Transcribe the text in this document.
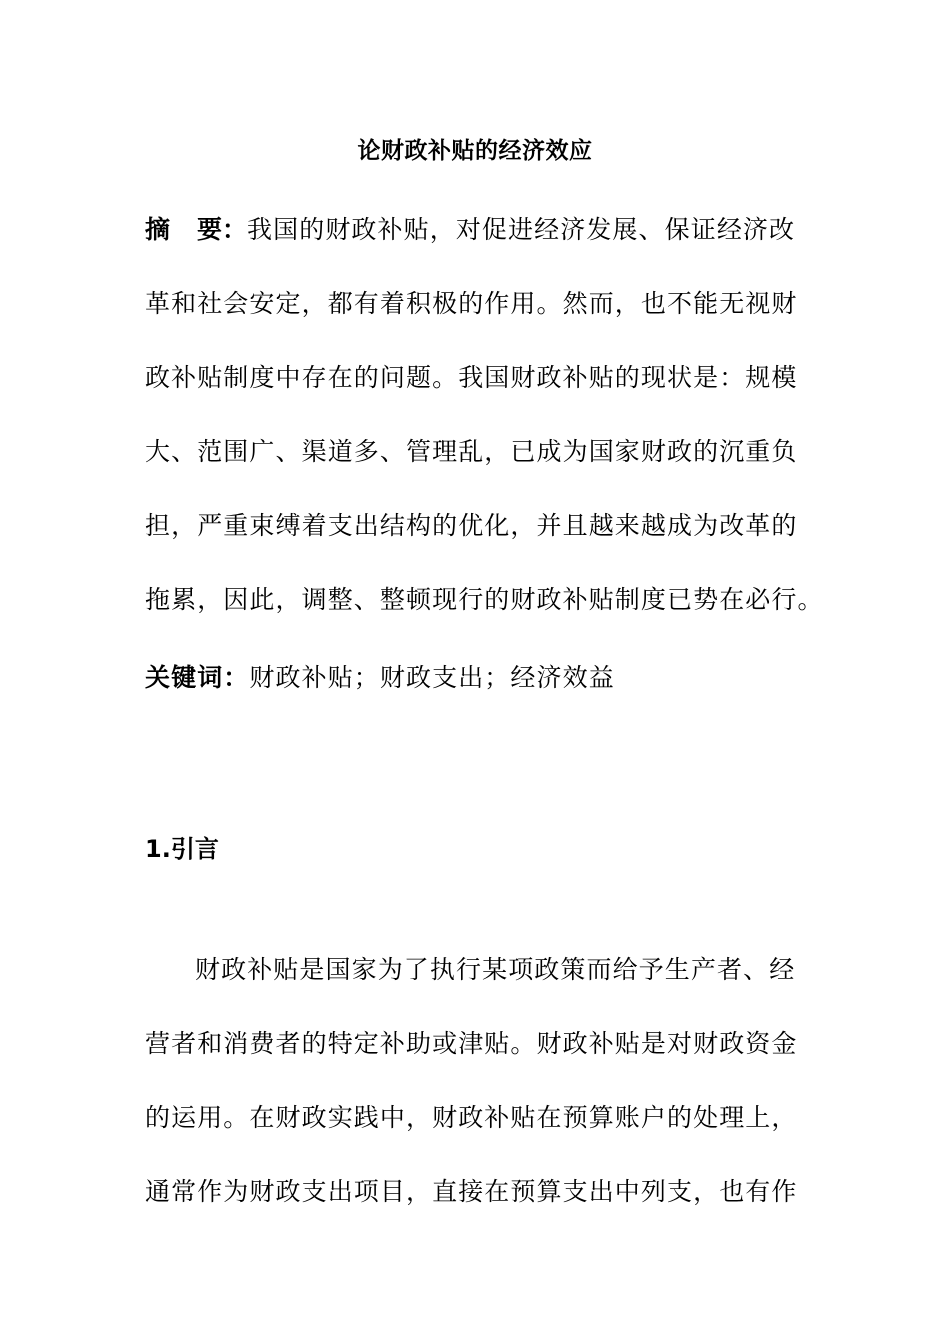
论财政补贴的经济效应
摘 要：我国的财政补贴，对促进经济发展、保证经济改
革和社会安定，都有着积极的作用。然而，也不能无视财
政补贴制度中存在的问题。我国财政补贴的现状是：规模
大、范围广、渠道多、管理乱，已成为国家财政的沉重负
担，严重束缚着支出结构的优化，并且越来越成为改革的
拖累，因此，调整、整顿现行的财政补贴制度已势在必行。
关键词：财政补贴；财政支出；经济效益
1.引言
财政补贴是国家为了执行某项政策而给予生产者、经
营者和消费者的特定补助或津贴。财政补贴是对财政资金
的运用。在财政实践中，财政补贴在预算账户的处理上，
通常作为财政支出项目，直接在预算支出中列支，也有作
